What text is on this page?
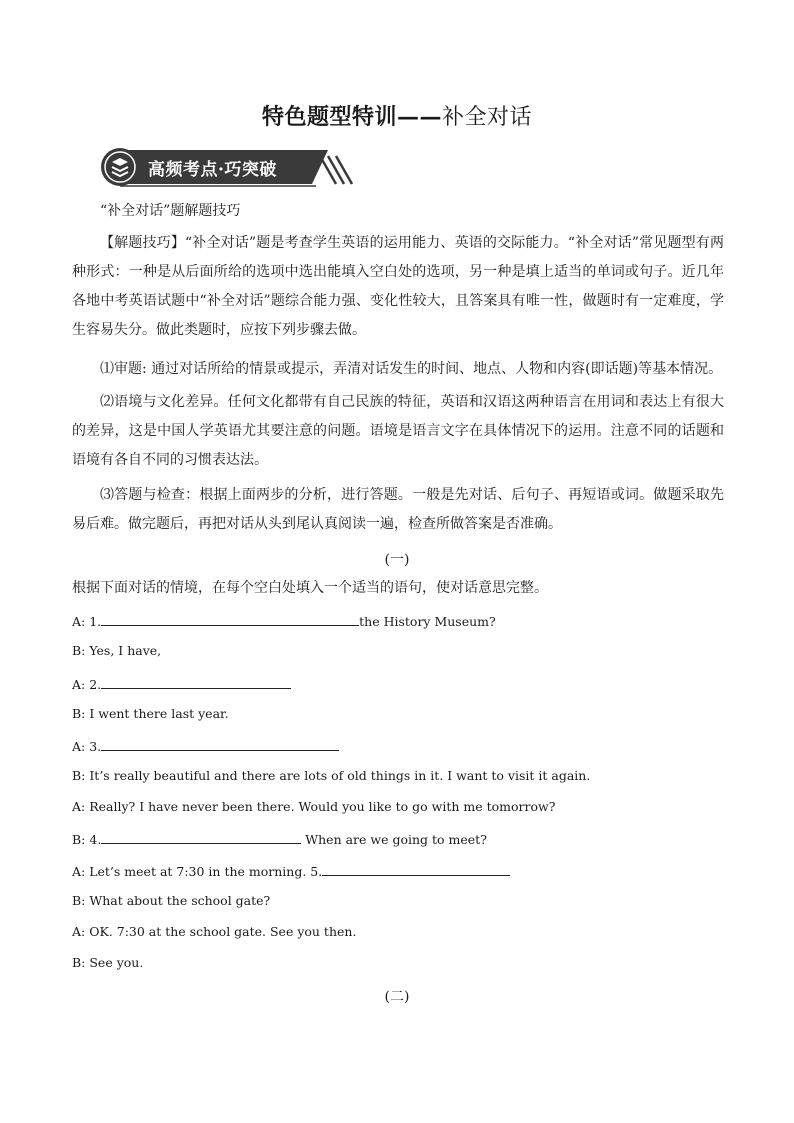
特色题型特训——补全对话
高频考点·巧突破

“补全对话”题解题技巧

【解题技巧】“补全对话”题是考查学生英语的运用能力、英语的交际能力。“补全对话”常见题型有两种形式：一种是从后面所给的选项中选出能填入空白处的选项，另一种是填上适当的单词或句子。近几年各地中考英语试题中“补全对话”题综合能力强、变化性较大，且答案具有唯一性，做题时有一定难度，学生容易失分。做此类题时，应按下列步骤去做。

⑴审题: 通过对话所给的情景或提示，弄清对话发生的时间、地点、人物和内容(即话题)等基本情况。

⑵语境与文化差异。任何文化都带有自己民族的特征，英语和汉语这两种语言在用词和表达上有很大的差异，这是中国人学英语尤其要注意的问题。语境是语言文字在具体情况下的运用。注意不同的话题和语境有各自不同的习惯表达法。

⑶答题与检查：根据上面两步的分析，进行答题。一般是先对话、后句子、再短语或词。做题采取先易后难。做完题后，再把对话从头到尾认真阅读一遍，检查所做答案是否准确。

(一)

根据下面对话的情境，在每个空白处填入一个适当的语句，使对话意思完整。

A: 1.	the History Museum?
B: Yes, I have,
A: 2.
B: I went there last year.
A: 3.
B: It’s really beautiful and there are lots of old things in it. I want to visit it again.
A: Really? I have never been there. Would you like to go with me tomorrow?
B: 4.	When are we going to meet?
A: Let’s meet at 7:30 in the morning. 5.
B: What about the school gate?
A: OK. 7:30 at the school gate. See you then.
B: See you.
(二)
